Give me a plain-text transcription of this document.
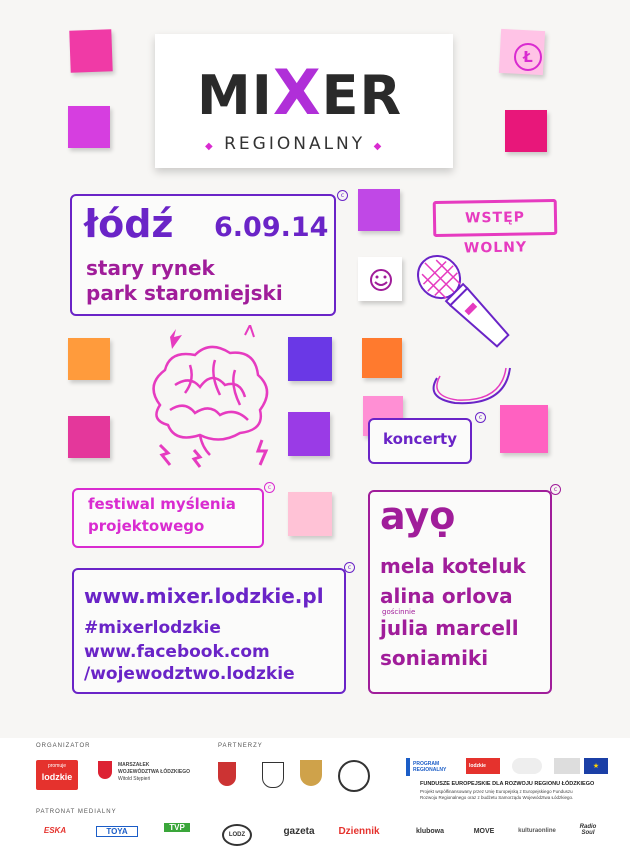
MIXER
◆ REGIONALNY ◆
Ł
łódź 6.09.14
stary rynek
park staromiejski
c
WSTĘP WOLNY
koncerty
c
festiwal myślenia
projektowego
c
www.mixer.lodzkie.pl
#mixerlodzkie
www.facebook.com
/wojewodztwo.lodzkie
c
ayọ
mela koteluk
alina orlova
gościnnie
julia marcell
soniamiki
c
ORGANIZATOR	PARTNERZY
PATRONAT MEDIALNY
promuje
lodzkie
MARSZAŁEK
WOJEWÓDZTWA ŁÓDZKIEGO
Witold Stępień
PROGRAM REGIONALNY
lodzkie	★
FUNDUSZE EUROPEJSKIE DLA ROZWOJU REGIONU ŁÓDZKIEGO
Projekt współfinansowany przez Unię Europejską z Europejskiego Funduszu
Rozwoju Regionalnego oraz z budżetu Samorządu Województwa Łódzkiego.
ESKA	TOYA	TVP
LODZ	gazeta	Dziennik	klubowa	MOVE	kulturaonline
Radio Soul
